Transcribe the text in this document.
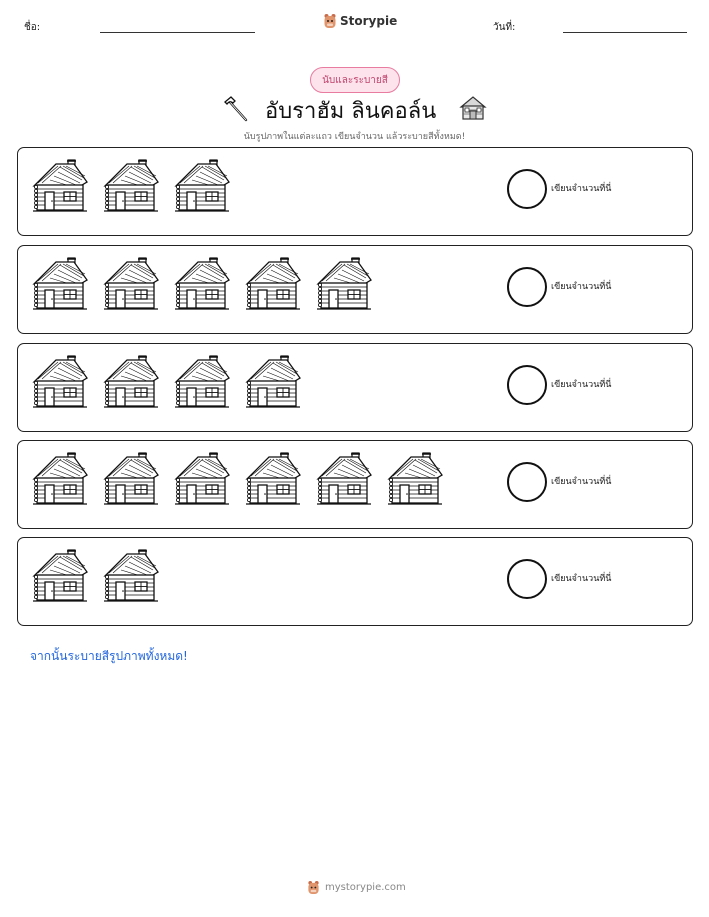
ชื่อ:	Storypie	วันที่:
นับและระบายสี
อับราฮัม ลินคอล์น
นับรูปภาพในแต่ละแถว เขียนจำนวน แล้วระบายสีทั้งหมด!
เขียนจำนวนที่นี่
เขียนจำนวนที่นี่
เขียนจำนวนที่นี่
เขียนจำนวนที่นี่
เขียนจำนวนที่นี่
จากนั้นระบายสีรูปภาพทั้งหมด!
mystorypie.com
